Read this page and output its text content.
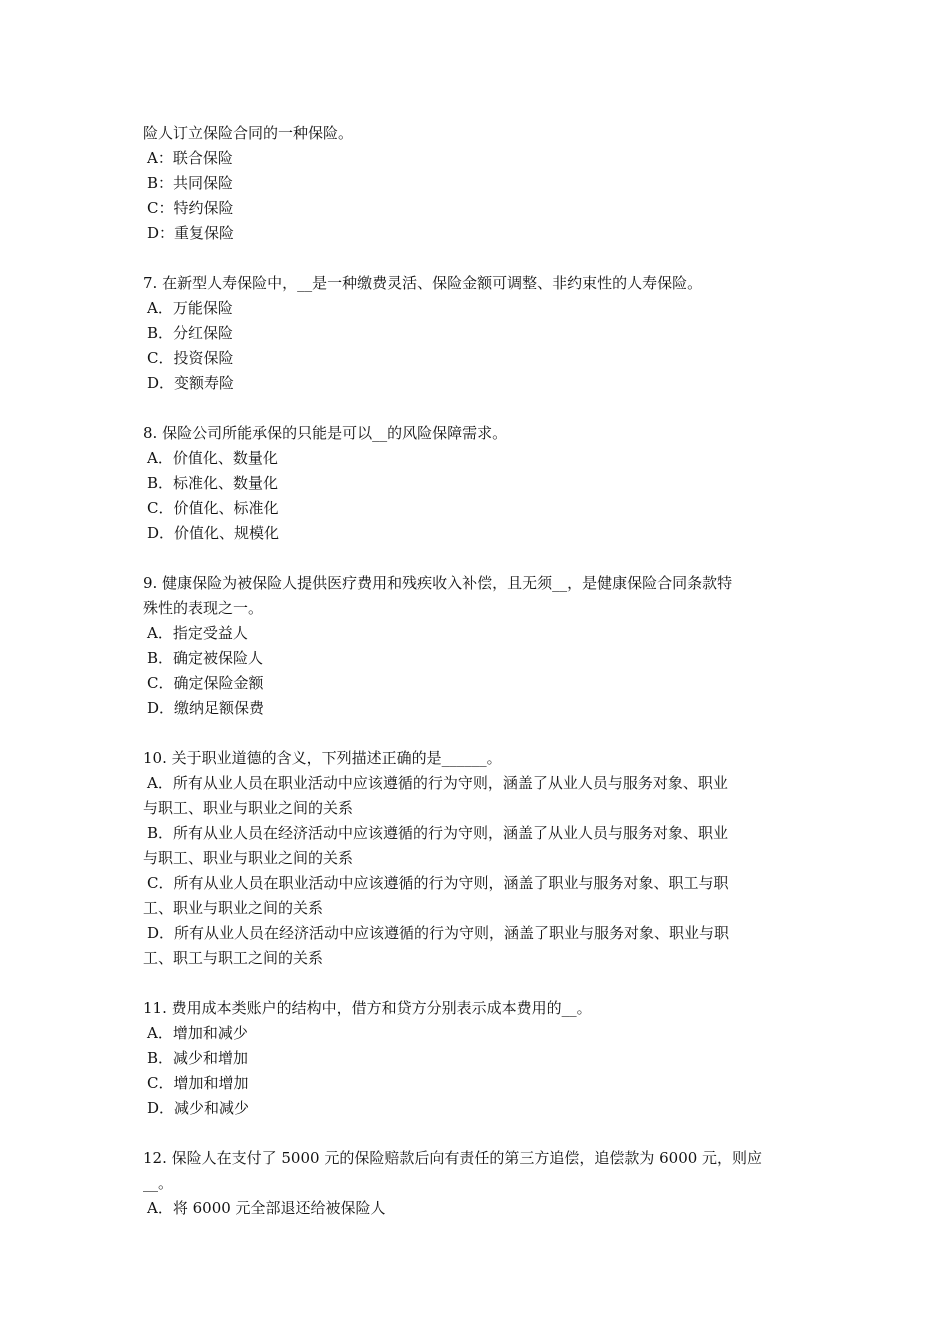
险人订立保险合同的一种保险。
A：联合保险
B：共同保险
C：特约保险
D：重复保险
7. 在新型人寿保险中，__是一种缴费灵活、保险金额可调整、非约束性的人寿保险。
A．万能保险
B．分红保险
C．投资保险
D．变额寿险
8. 保险公司所能承保的只能是可以__的风险保障需求。
A．价值化、数量化
B．标准化、数量化
C．价值化、标准化
D．价值化、规模化
9. 健康保险为被保险人提供医疗费用和残疾收入补偿，且无须__，是健康保险合同条款特
殊性的表现之一。
A．指定受益人
B．确定被保险人
C．确定保险金额
D．缴纳足额保费
10. 关于职业道德的含义，下列描述正确的是______。
A．所有从业人员在职业活动中应该遵循的行为守则，涵盖了从业人员与服务对象、职业
与职工、职业与职业之间的关系
B．所有从业人员在经济活动中应该遵循的行为守则，涵盖了从业人员与服务对象、职业
与职工、职业与职业之间的关系
C．所有从业人员在职业活动中应该遵循的行为守则，涵盖了职业与服务对象、职工与职
工、职业与职业之间的关系
D．所有从业人员在经济活动中应该遵循的行为守则，涵盖了职业与服务对象、职业与职
工、职工与职工之间的关系
11. 费用成本类账户的结构中，借方和贷方分别表示成本费用的__。
A．增加和减少
B．减少和增加
C．增加和增加
D．减少和减少
12. 保险人在支付了 5000 元的保险赔款后向有责任的第三方追偿，追偿款为 6000 元，则应
__。
A．将 6000 元全部退还给被保险人
